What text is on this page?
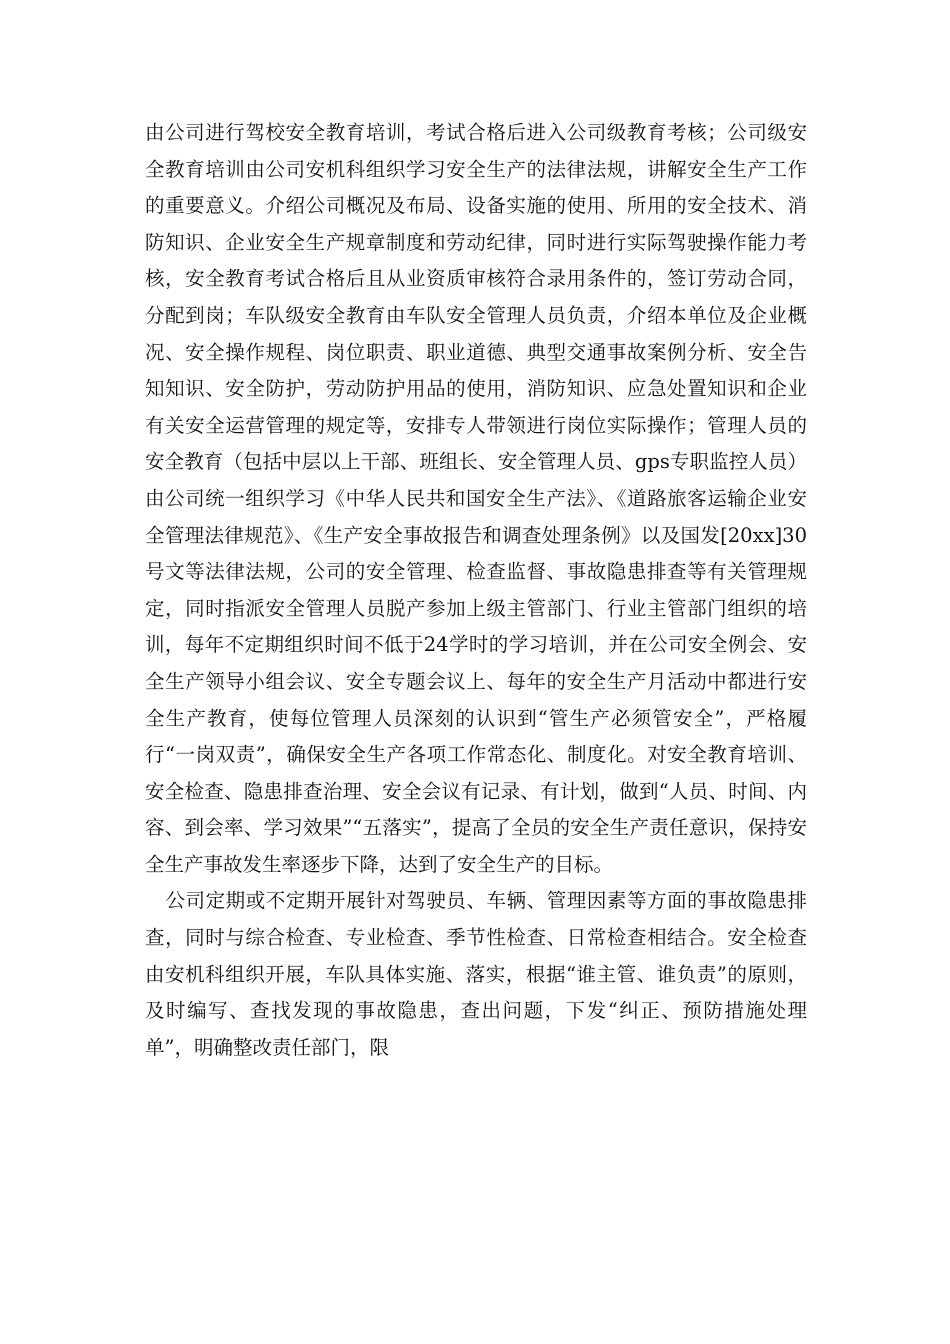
由公司进行驾校安全教育培训，考试合格后进入公司级教育考核；公司级安全教育培训由公司安机科组织学习安全生产的法律法规，讲解安全生产工作的重要意义。介绍公司概况及布局、设备实施的使用、所用的安全技术、消防知识、企业安全生产规章制度和劳动纪律，同时进行实际驾驶操作能力考核，安全教育考试合格后且从业资质审核符合录用条件的，签订劳动合同，分配到岗；车队级安全教育由车队安全管理人员负责，介绍本单位及企业概况、安全操作规程、岗位职责、职业道德、典型交通事故案例分析、安全告知知识、安全防护，劳动防护用品的使用，消防知识、应急处置知识和企业有关安全运营管理的规定等，安排专人带领进行岗位实际操作；管理人员的安全教育（包括中层以上干部、班组长、安全管理人员、gps专职监控人员）由公司统一组织学习《中华人民共和国安全生产法》、《道路旅客运输企业安全管理法律规范》、《生产安全事故报告和调查处理条例》以及国发[20xx]30号文等法律法规，公司的安全管理、检查监督、事故隐患排查等有关管理规定，同时指派安全管理人员脱产参加上级主管部门、行业主管部门组织的培训，每年不定期组织时间不低于24学时的学习培训，并在公司安全例会、安全生产领导小组会议、安全专题会议上、每年的安全生产月活动中都进行安全生产教育，使每位管理人员深刻的认识到“管生产必须管安全”，严格履行“一岗双责”，确保安全生产各项工作常态化、制度化。对安全教育培训、安全检查、隐患排查治理、安全会议有记录、有计划，做到“人员、时间、内容、到会率、学习效果”“五落实”，提高了全员的安全生产责任意识，保持安全生产事故发生率逐步下降，达到了安全生产的目标。

公司定期或不定期开展针对驾驶员、车辆、管理因素等方面的事故隐患排查，同时与综合检查、专业检查、季节性检查、日常检查相结合。安全检查由安机科组织开展，车队具体实施、落实，根据“谁主管、谁负责”的原则，及时编写、查找发现的事故隐患，查出问题，下发“纠正、预防措施处理单”，明确整改责任部门，限
